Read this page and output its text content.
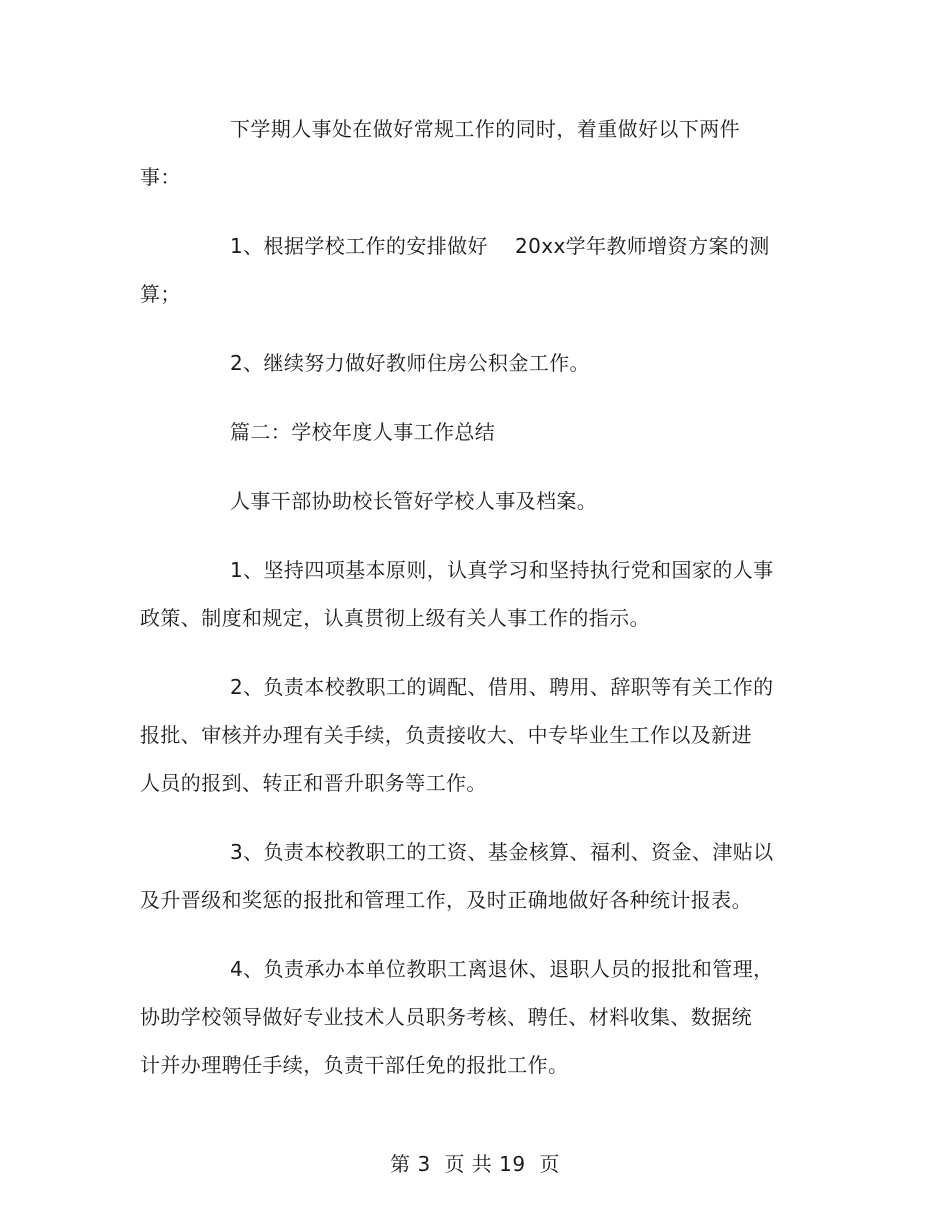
下学期人事处在做好常规工作的同时，着重做好以下两件
事：
1、根据学校工作的安排做好    20xx学年教师增资方案的测
算；
2、继续努力做好教师住房公积金工作。
篇二：学校年度人事工作总结
人事干部协助校长管好学校人事及档案。
1、坚持四项基本原则，认真学习和坚持执行党和国家的人事
政策、制度和规定，认真贯彻上级有关人事工作的指示。
2、负责本校教职工的调配、借用、聘用、辞职等有关工作的
报批、审核并办理有关手续，负责接收大、中专毕业生工作以及新进
人员的报到、转正和晋升职务等工作。
3、负责本校教职工的工资、基金核算、福利、资金、津贴以
及升晋级和奖惩的报批和管理工作，及时正确地做好各种统计报表。
4、负责承办本单位教职工离退休、退职人员的报批和管理，
协助学校领导做好专业技术人员职务考核、聘任、材料收集、数据统
计并办理聘任手续，负责干部任免的报批工作。
第 3  页 共 19  页
